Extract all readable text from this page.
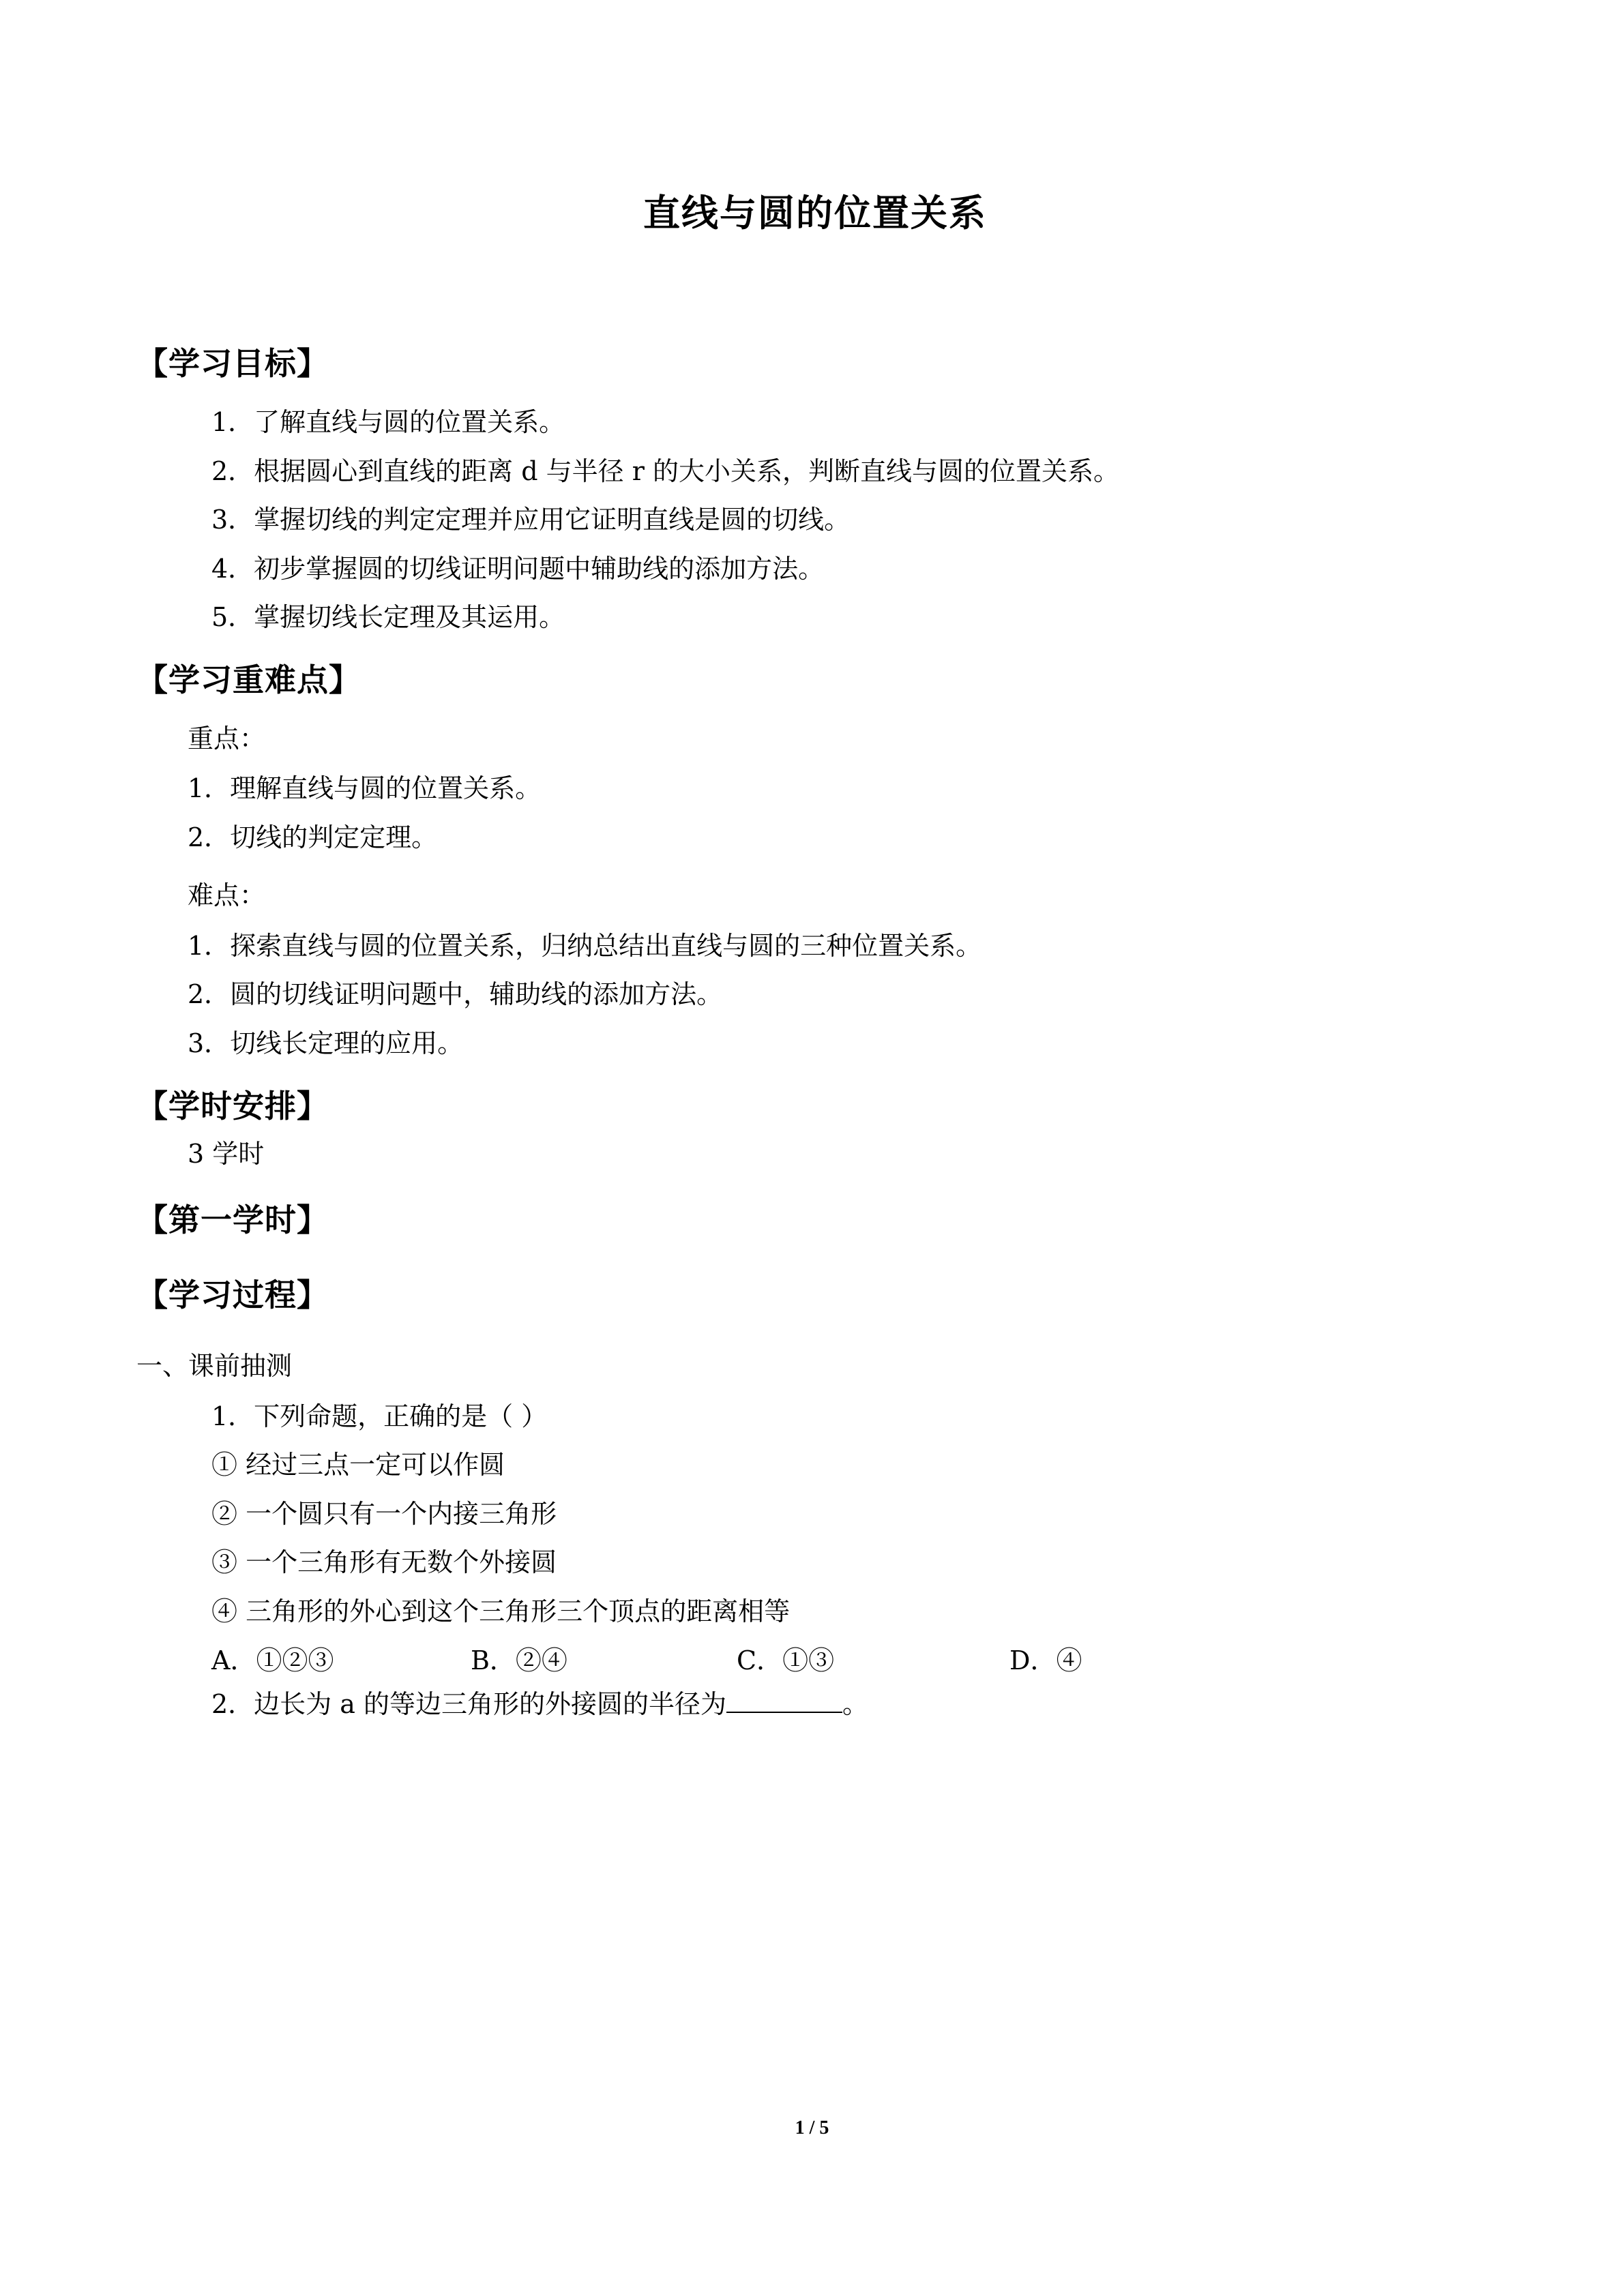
直线与圆的位置关系
【学习目标】
1．了解直线与圆的位置关系。
2．根据圆心到直线的距离 d 与半径 r 的大小关系，判断直线与圆的位置关系。
3．掌握切线的判定定理并应用它证明直线是圆的切线。
4．初步掌握圆的切线证明问题中辅助线的添加方法。
5．掌握切线长定理及其运用。
【学习重难点】
重点：
1．理解直线与圆的位置关系。
2．切线的判定定理。
难点：
1．探索直线与圆的位置关系，归纳总结出直线与圆的三种位置关系。
2．圆的切线证明问题中，辅助线的添加方法。
3．切线长定理的应用。
【学时安排】
3 学时
【第一学时】
【学习过程】
一、课前抽测
1．下列命题，正确的是（ ）
① 经过三点一定可以作圆
② 一个圆只有一个内接三角形
③ 一个三角形有无数个外接圆
④ 三角形的外心到这个三角形三个顶点的距离相等
A．①②③	B．②④	C．①③	D．④
2．边长为 a 的等边三角形的外接圆的半径为	。
1 / 5
